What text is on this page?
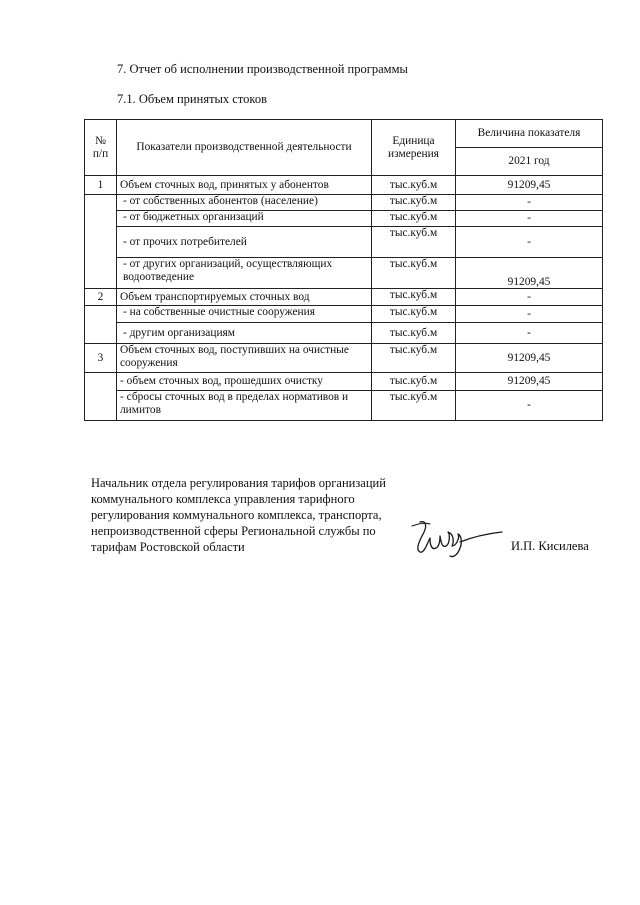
7. Отчет об исполнении производственной программы
7.1. Объем принятых стоков
№ п/п	Показатели производственной деятельности	Единица измерения	Величина показателя
			2021 год
1	Объем сточных вод, принятых у абонентов	тыс.куб.м	91209,45
	- от собственных абонентов (население)	тыс.куб.м	-
	- от бюджетных организаций	тыс.куб.м	-
	- от прочих потребителей	тыс.куб.м	-
	- от других организаций, осуществляющих водоотведение	тыс.куб.м	91209,45
2	Объем транспортируемых сточных вод	тыс.куб.м	-
	- на собственные очистные сооружения	тыс.куб.м	-
	- другим организациям	тыс.куб.м	-
3	Объем сточных вод, поступивших на очистные сооружения	тыс.куб.м	91209,45
	- объем сточных вод, прошедших очистку	тыс.куб.м	91209,45
	- сбросы сточных вод в пределах нормативов и лимитов	тыс.куб.м	-
Начальник отдела регулирования тарифов организаций коммунального комплекса управления тарифного регулирования коммунального комплекса, транспорта, непроизводственной сферы Региональной службы по тарифам Ростовской области	И.П. Кисилева
